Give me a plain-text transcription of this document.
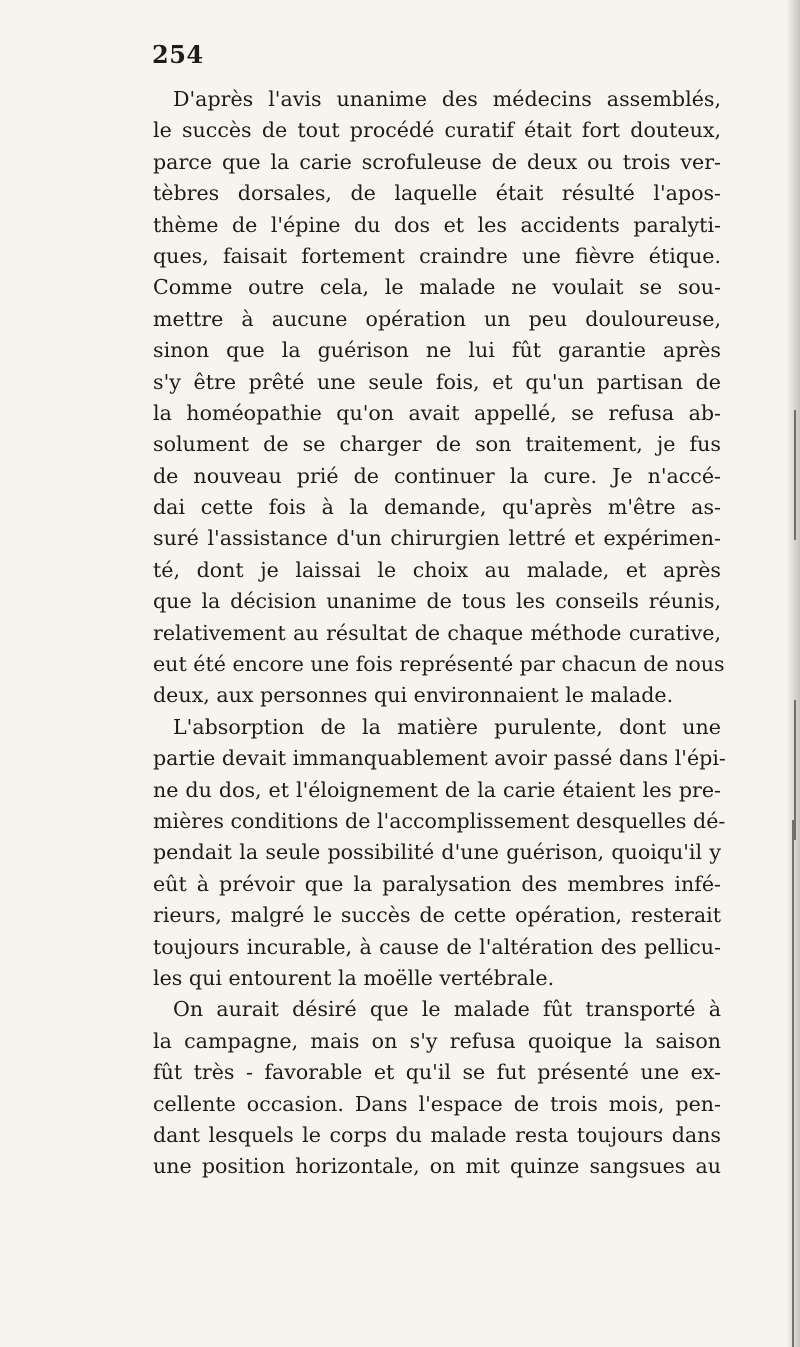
254
D'après l'avis unanime des médecins assemblés,
le succès de tout procédé curatif était fort douteux,
parce que la carie scrofuleuse de deux ou trois ver-
tèbres dorsales, de laquelle était résulté l'apos-
thème de l'épine du dos et les accidents paralyti-
ques, faisait fortement craindre une fièvre étique.
Comme outre cela, le malade ne voulait se sou-
mettre à aucune opération un peu douloureuse,
sinon que la guérison ne lui fût garantie après
s'y être prêté une seule fois, et qu'un partisan de
la homéopathie qu'on avait appellé, se refusa ab-
solument de se charger de son traitement, je fus
de nouveau prié de continuer la cure. Je n'accé-
dai cette fois à la demande, qu'après m'être as-
suré l'assistance d'un chirurgien lettré et expérimen-
té, dont je laissai le choix au malade, et après
que la décision unanime de tous les conseils réunis,
relativement au résultat de chaque méthode curative,
eut été encore une fois représenté par chacun de nous
deux, aux personnes qui environnaient le malade.
L'absorption de la matière purulente, dont une
partie devait immanquablement avoir passé dans l'épi-
ne du dos, et l'éloignement de la carie étaient les pre-
mières conditions de l'accomplissement desquelles dé-
pendait la seule possibilité d'une guérison, quoiqu'il y
eût à prévoir que la paralysation des membres infé-
rieurs, malgré le succès de cette opération, resterait
toujours incurable, à cause de l'altération des pellicu-
les qui entourent la moëlle vertébrale.
On aurait désiré que le malade fût transporté à
la campagne, mais on s'y refusa quoique la saison
fût très - favorable et qu'il se fut présenté une ex-
cellente occasion. Dans l'espace de trois mois, pen-
dant lesquels le corps du malade resta toujours dans
une position horizontale, on mit quinze sangsues au
